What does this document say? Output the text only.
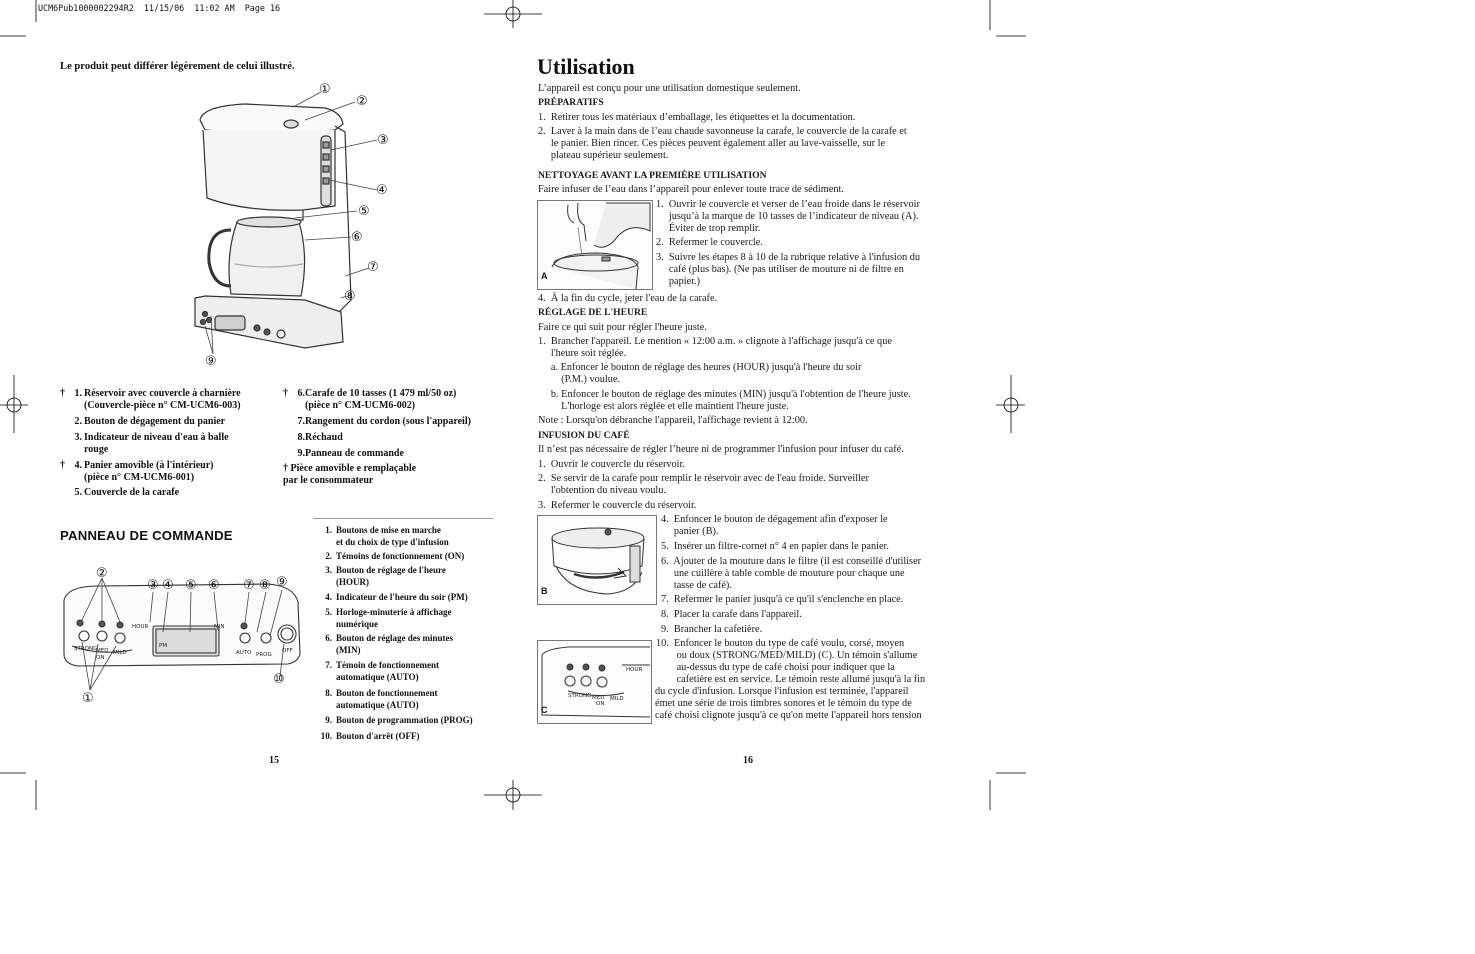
UCM6Pub1000002294R2  11/15/06  11:02 AM  Page 16
Le produit peut différer légèrement de celui illustré.
①
②
③
④
⑤
⑥
⑦
⑧
⑨
† 1. Réservoir avec couvercle à charnière
(Couvercle-pièce n° CM-UCM6-003)
2. Bouton de dégagement du panier
3. Indicateur de niveau d'eau à balle
rouge
† 4. Panier amovible (à l'intérieur)
(pièce n° CM-UCM6-001)
5. Couvercle de la carafe
† 6. Carafe de 10 tasses (1 479 ml/50 oz)
(pièce n° CM-UCM6-002)
7. Rangement du cordon (sous l'appareil)
8. Réchaud
9. Panneau de commande
† Pièce amovible e remplaçable
par le consommateur
PANNEAU DE COMMANDE
PM
HOUR	MIN
AUTO PROG
OFF
STRONG
MED MILD
ON
②
③ ④ ⑤ ⑥ ⑦ ⑧ ⑨
⑩
①
1. Boutons de mise en marche
et du choix de type d'infusion
2. Témoins de fonctionnement (ON)
3. Bouton de réglage de l'heure
(HOUR)
4. Indicateur de l'heure du soir (PM)
5. Horloge-minuterie à affichage
numérique
6. Bouton de réglage des minutes
(MIN)
7. Témoin de fonctionnement
automatique (AUTO)
8. Bouton de fonctionnement
automatique (AUTO)
9. Bouton de programmation (PROG)
10. Bouton d'arrêt (OFF)
15
Utilisation
L’appareil est conçu pour une utilisation domestique seulement.
PRÉPARATIFS
1.  Retirer tous les matériaux d’emballage, les étiquettes et la documentation.
2.  Laver à la main dans de l’eau chaude savonneuse la carafe, le couvercle de la carafe et
le panier. Bien rincer. Ces pièces peuvent également aller au lave-vaisselle, sur le
plateau supérieur seulement.
NETTOYAGE AVANT LA PREMIÈRE UTILISATION
Faire infuser de l’eau dans l’appareil pour enlever toute trace de sédiment.
A
1.  Ouvrir le couvercle et verser de l’eau froide dans le réservoir
jusqu’à la marque de 10 tasses de l’indicateur de niveau (A).
Éviter de trop remplir.
2.  Refermer le couvercle.
3.  Suivre les étapes 8 à 10 de la rubrique relative à l'infusion du
café (plus bas). (Ne pas utiliser de mouture ni de filtre en
papier.)
4.  À la fin du cycle, jeter l'eau de la carafe.
RÉGLAGE DE L'HEURE
Faire ce qui suit pour régler l'heure juste.
1.  Brancher l'appareil. Le mention « 12:00 a.m. » clignote à l'affichage jusqu'à ce que
l'heure soit réglée.
a. Enfoncer le bouton de réglage des heures (HOUR) jusqu'à l'heure du soir
(P.M.) voulue.
b. Enfoncer le bouton de réglage des minutes (MIN) jusqu'à l'obtention de l'heure juste.
L'horloge est alors réglée et elle maintient l'heure juste.
Note : Lorsqu'on débranche l'appareil, l'affichage revient à 12:00.
INFUSION DU CAFÉ
Il n’est pas nécessaire de régler l’heure ni de programmer l'infusion pour infuser du café.
1.  Ouvrir le couvercle du réservoir.
2.  Se servir de la carafe pour remplir le réservoir avec de l'eau froide. Surveiller
l'obtention du niveau voulu.
3.  Refermer le couvercle du réservoir.
B
4.  Enfoncer le bouton de dégagement afin d'exposer le
panier (B).
5.  Insérer un filtre-cornet n° 4 en papier dans le panier.
6.  Ajouter de la mouture dans le filtre (il est conseillé d'utiliser
une cuillère à table comble de mouture pour chaque une
tasse de café).
7.  Refermer le panier jusqu'à ce qu'il s'enclenche en place.
8.  Placer la carafe dans l'appareil.
9.  Brancher la cafetière.
HOUR
STRONG MED MILD
ON
C
10.  Enfoncer le bouton du type de café voulu, corsé, moyen
ou doux (STRONG/MED/MILD) (C). Un témoin s'allume
au-dessus du type de café choisi pour indiquer que la
cafetière est en service. Le témoin reste allumé jusqu'à la fin
du cycle d'infusion. Lorsque l'infusion est terminée, l'appareil
émet une série de trois timbres sonores et le témoin du type de
café choisi clignote jusqu'à ce qu'on mette l'appareil hors tension
16
